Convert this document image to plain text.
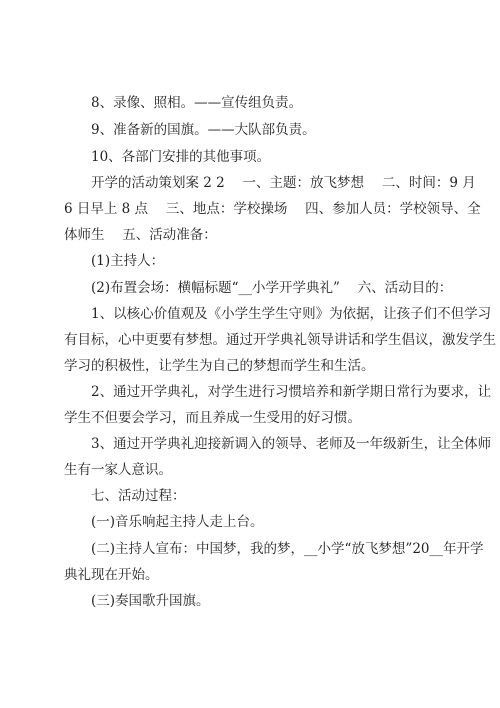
8、录像、照相。——宣传组负责。
9、准备新的国旗。——大队部负责。
10、各部门安排的其他事项。
开学的活动策划案 2 2　 一、主题：放飞梦想　 二、时间：9 月
6 日早上 8 点　 三、地点：学校操场　 四、参加人员：学校领导、全
体师生　 五、活动准备：
(1)主持人：
(2)布置会场：横幅标题“__小学开学典礼”　 六、活动目的：
1、以核心价值观及《小学生学生守则》为依据，让孩子们不但学习
有目标，心中更要有梦想。通过开学典礼领导讲话和学生倡议，激发学生
学习的积极性，让学生为自己的梦想而学生和生活。
2、通过开学典礼，对学生进行习惯培养和新学期日常行为要求，让
学生不但要会学习，而且养成一生受用的好习惯。
3、通过开学典礼迎接新调入的领导、老师及一年级新生，让全体师
生有一家人意识。
七、活动过程：
(一)音乐响起主持人走上台。
(二)主持人宣布：中国梦，我的梦，__小学“放飞梦想”20__年开学
典礼现在开始。
(三)奏国歌升国旗。
